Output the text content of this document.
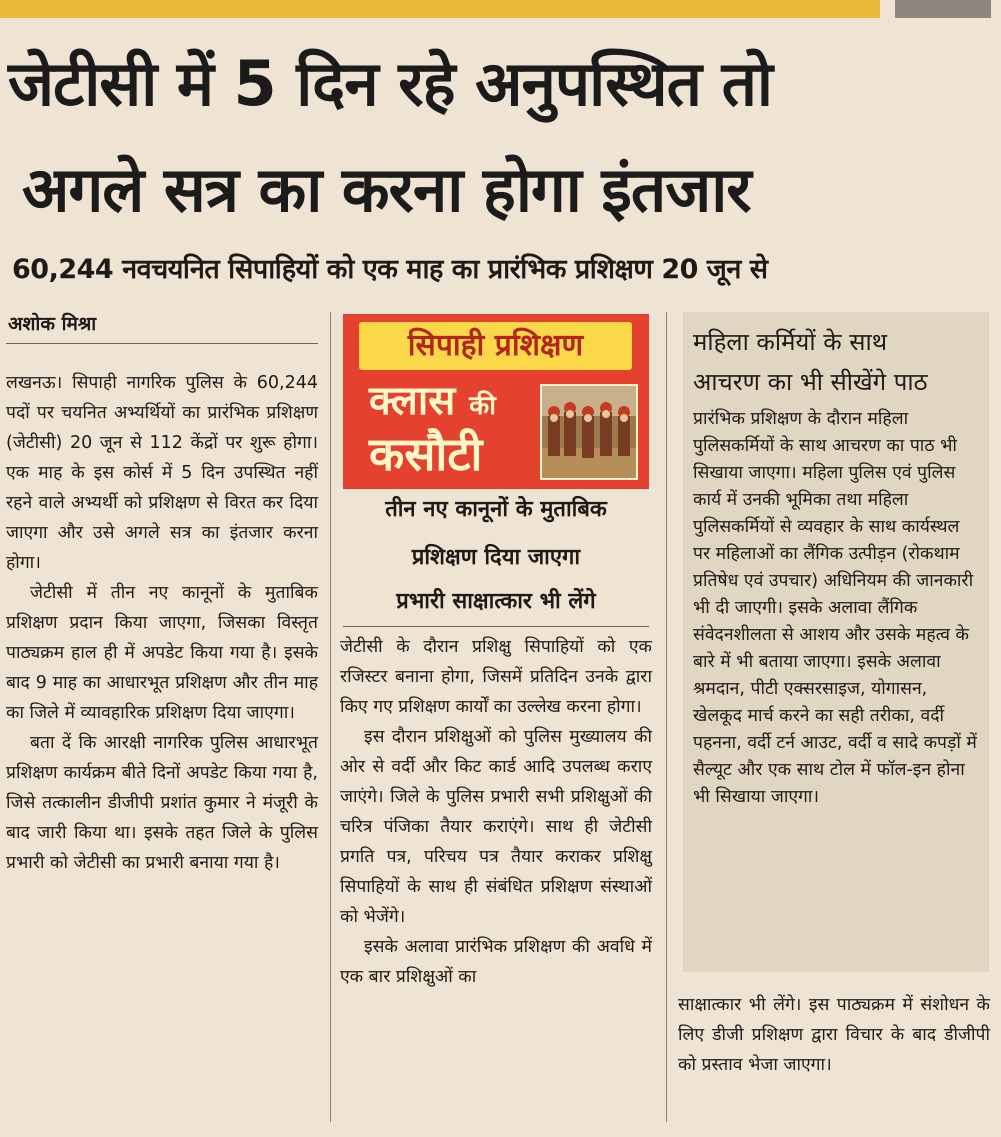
जेटीसी में 5 दिन रहे अनुपस्थित तो
अगले सत्र का करना होगा इंतजार
60,244 नवचयनित सिपाहियों को एक माह का प्रारंभिक प्रशिक्षण 20 जून से
अशोक मिश्रा

लखनऊ। सिपाही नागरिक पुलिस के 60,244 पदों पर चयनित अभ्यर्थियों का प्रारंभिक प्रशिक्षण (जेटीसी) 20 जून से 112 केंद्रों पर शुरू होगा। एक माह के इस कोर्स में 5 दिन उपस्थित नहीं रहने वाले अभ्यर्थी को प्रशिक्षण से विरत कर दिया जाएगा और उसे अगले सत्र का इंतजार करना होगा।

जेटीसी में तीन नए कानूनों के मुताबिक प्रशिक्षण प्रदान किया जाएगा, जिसका विस्तृत पाठ्यक्रम हाल ही में अपडेट किया गया है। इसके बाद 9 माह का आधारभूत प्रशिक्षण और तीन माह का जिले में व्यावहारिक प्रशिक्षण दिया जाएगा।

बता दें कि आरक्षी नागरिक पुलिस आधारभूत प्रशिक्षण कार्यक्रम बीते दिनों अपडेट किया गया है, जिसे तत्कालीन डीजीपी प्रशांत कुमार ने मंजूरी के बाद जारी किया था। इसके तहत जिले के पुलिस प्रभारी को जेटीसी का प्रभारी बनाया गया है।

सिपाही प्रशिक्षण
क्लास की
कसौटी
तीन नए कानूनों के मुताबिक
प्रशिक्षण दिया जाएगा
प्रभारी साक्षात्कार भी लेंगे

जेटीसी के दौरान प्रशिक्षु सिपाहियों को एक रजिस्टर बनाना होगा, जिसमें प्रतिदिन उनके द्वारा किए गए प्रशिक्षण कार्यों का उल्लेख करना होगा।

इस दौरान प्रशिक्षुओं को पुलिस मुख्यालय की ओर से वर्दी और किट कार्ड आदि उपलब्ध कराए जाएंगे। जिले के पुलिस प्रभारी सभी प्रशिक्षुओं की चरित्र पंजिका तैयार कराएंगे। साथ ही जेटीसी प्रगति पत्र, परिचय पत्र तैयार कराकर प्रशिक्षु सिपाहियों के साथ ही संबंधित प्रशिक्षण संस्थाओं को भेजेंगे।

इसके अलावा प्रारंभिक प्रशिक्षण की अवधि में एक बार प्रशिक्षुओं का

महिला कर्मियों के साथ
आचरण का भी सीखेंगे पाठ
प्रारंभिक प्रशिक्षण के दौरान महिला पुलिसकर्मियों के साथ आचरण का पाठ भी सिखाया जाएगा। महिला पुलिस एवं पुलिस कार्य में उनकी भूमिका तथा महिला पुलिसकर्मियों से व्यवहार के साथ कार्यस्थल पर महिलाओं का लैंगिक उत्पीड़न (रोकथाम प्रतिषेध एवं उपचार) अधिनियम की जानकारी भी दी जाएगी। इसके अलावा लैंगिक संवेदनशीलता से आशय और उसके महत्व के बारे में भी बताया जाएगा। इसके अलावा श्रमदान, पीटी एक्सरसाइज, योगासन, खेलकूद मार्च करने का सही तरीका, वर्दी पहनना, वर्दी टर्न आउट, वर्दी व सादे कपड़ों में सैल्यूट और एक साथ टोल में फॉल-इन होना भी सिखाया जाएगा।

साक्षात्कार भी लेंगे। इस पाठ्यक्रम में संशोधन के लिए डीजी प्रशिक्षण द्वारा विचार के बाद डीजीपी को प्रस्ताव भेजा जाएगा।
